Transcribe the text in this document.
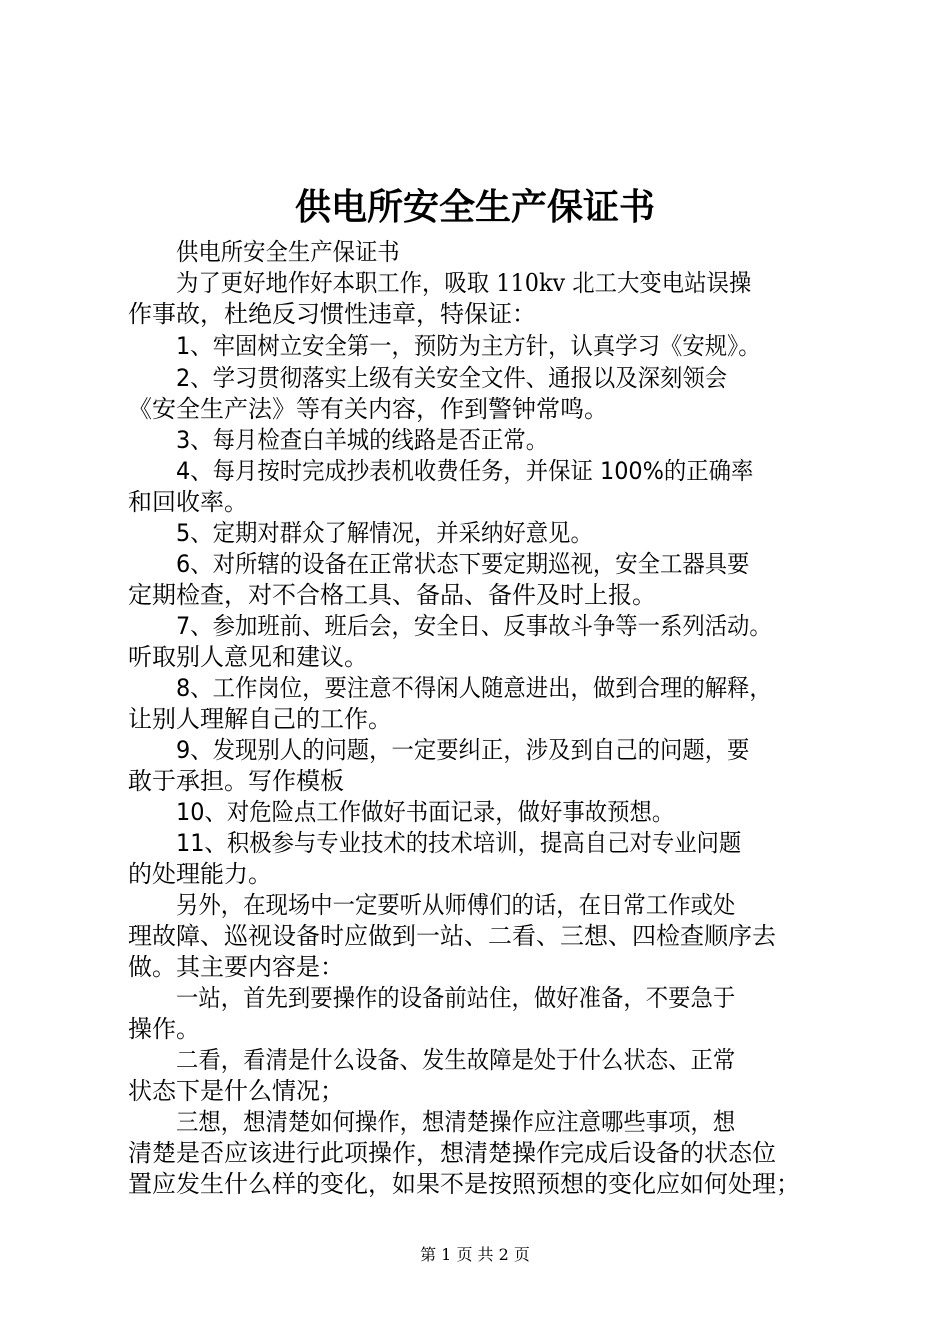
供电所安全生产保证书
供电所安全生产保证书
为了更好地作好本职工作，吸取 110kv 北工大变电站误操
作事故，杜绝反习惯性违章，特保证：
1、牢固树立安全第一，预防为主方针，认真学习《安规》。
2、学习贯彻落实上级有关安全文件、通报以及深刻领会
《安全生产法》等有关内容，作到警钟常鸣。
3、每月检查白羊城的线路是否正常。
4、每月按时完成抄表机收费任务，并保证 100%的正确率
和回收率。
5、定期对群众了解情况，并采纳好意见。
6、对所辖的设备在正常状态下要定期巡视，安全工器具要
定期检查，对不合格工具、备品、备件及时上报。
7、参加班前、班后会，安全日、反事故斗争等一系列活动。
听取别人意见和建议。
8、工作岗位，要注意不得闲人随意进出，做到合理的解释，
让别人理解自己的工作。
9、发现别人的问题，一定要纠正，涉及到自己的问题，要
敢于承担。写作模板
10、对危险点工作做好书面记录，做好事故预想。
11、积极参与专业技术的技术培训，提高自己对专业问题
的处理能力。
另外，在现场中一定要听从师傅们的话，在日常工作或处
理故障、巡视设备时应做到一站、二看、三想、四检查顺序去
做。其主要内容是：
一站，首先到要操作的设备前站住，做好准备，不要急于
操作。
二看，看清是什么设备、发生故障是处于什么状态、正常
状态下是什么情况；
三想，想清楚如何操作，想清楚操作应注意哪些事项，想
清楚是否应该进行此项操作，想清楚操作完成后设备的状态位
置应发生什么样的变化，如果不是按照预想的变化应如何处理；
第 1 页 共 2 页
